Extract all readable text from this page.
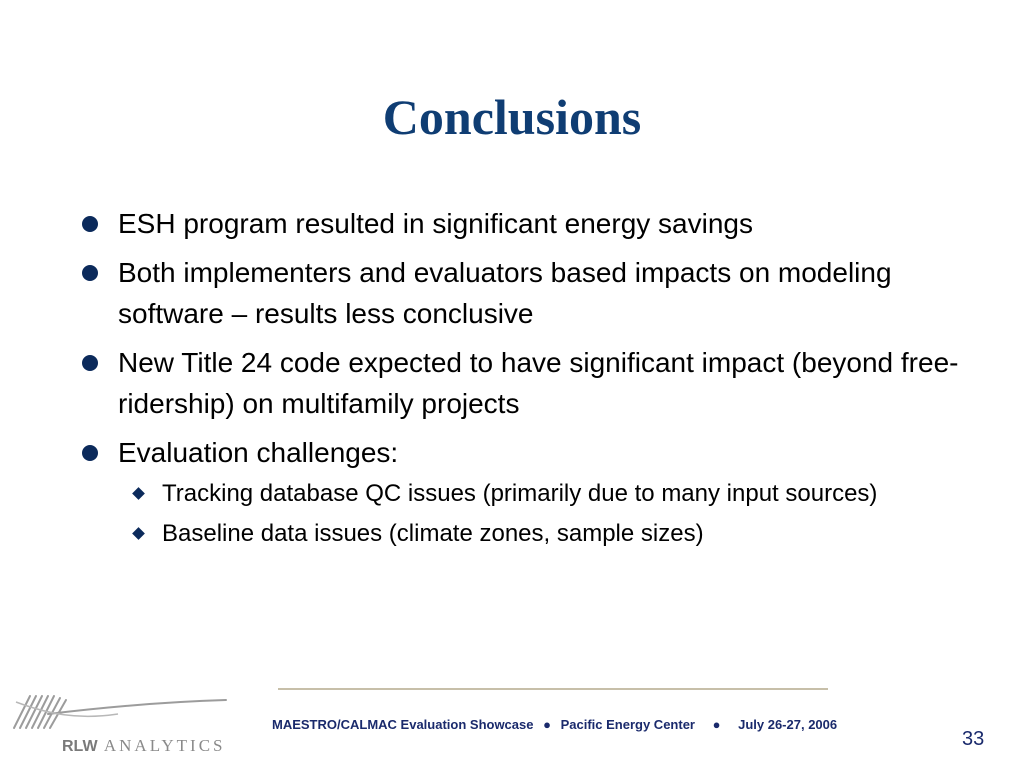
Conclusions
ESH program resulted in significant energy savings
Both implementers and evaluators based impacts on modeling software – results less conclusive
New Title 24 code expected to have significant impact (beyond free-ridership) on multifamily projects
Evaluation challenges:
Tracking database QC issues (primarily due to many input sources)
Baseline data issues (climate zones, sample sizes)
RLW ANALYTICS
MAESTRO/CALMAC Evaluation Showcase ● Pacific Energy Center ● July 26-27, 2006
33
